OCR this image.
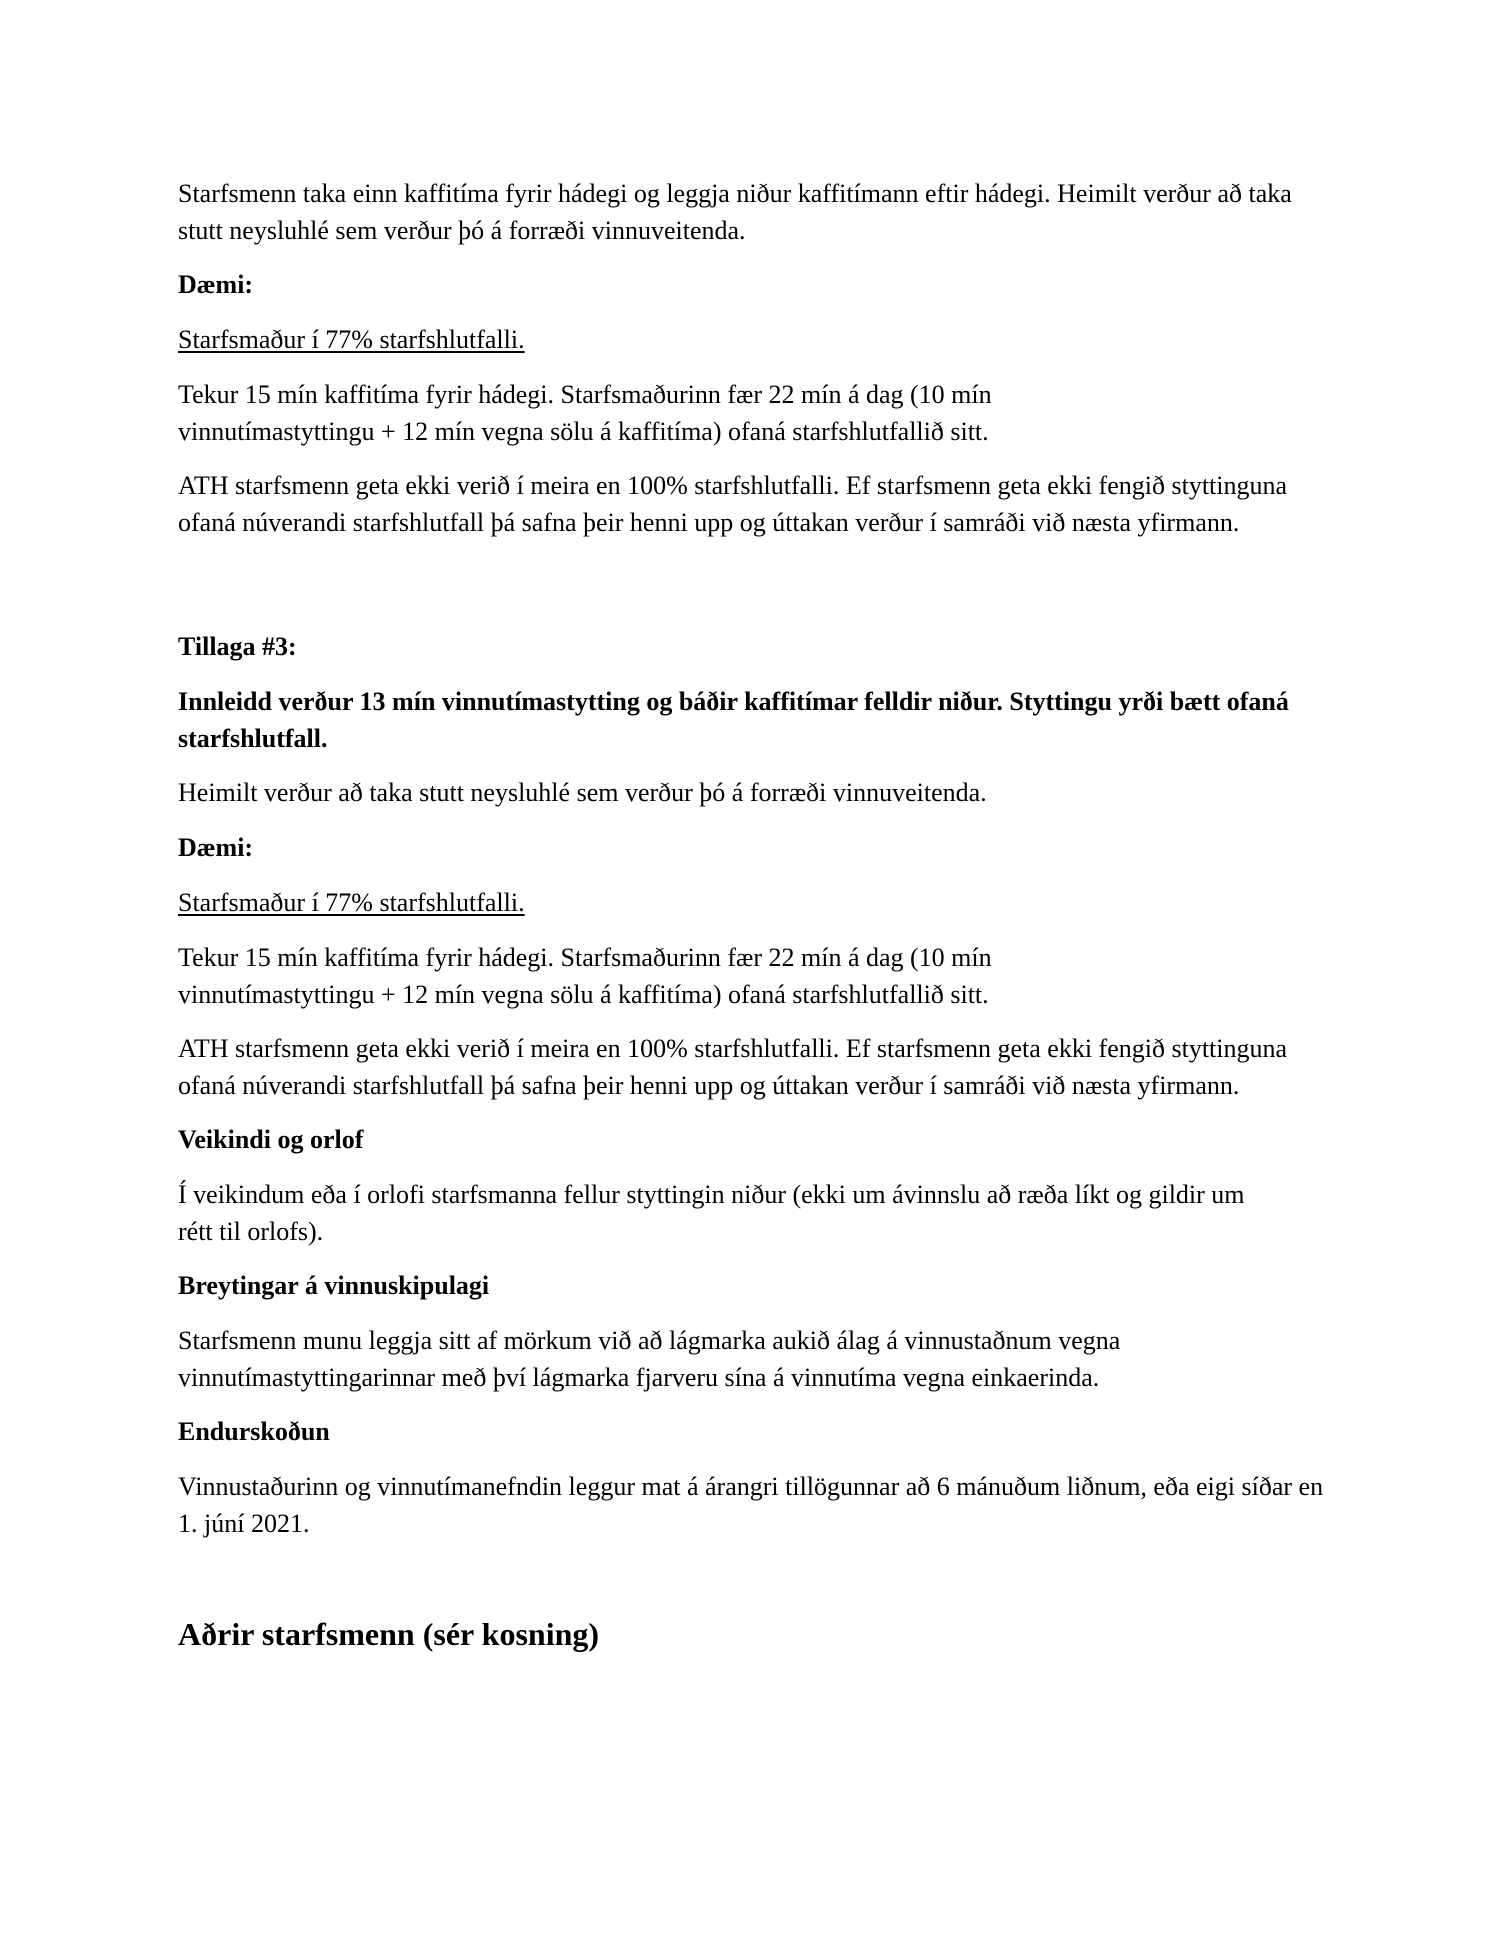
Starfsmenn taka einn kaffitíma fyrir hádegi og leggja niður kaffitímann eftir hádegi. Heimilt verður að taka stutt neysluhlé sem verður þó á forræði vinnuveitenda.

Dæmi:

Starfsmaður í 77% starfshlutfalli.

Tekur 15 mín kaffitíma fyrir hádegi. Starfsmaðurinn fær 22 mín á dag (10 mín vinnutímastyttingu + 12 mín vegna sölu á kaffitíma) ofaná starfshlutfallið sitt.

ATH starfsmenn geta ekki verið í meira en 100% starfshlutfalli. Ef starfsmenn geta ekki fengið styttinguna ofaná núverandi starfshlutfall þá safna þeir henni upp og úttakan verður í samráði við næsta yfirmann.

Tillaga #3:

Innleidd verður 13 mín vinnutímastytting og báðir kaffitímar felldir niður. Styttingu yrði bætt ofaná starfshlutfall.

Heimilt verður að taka stutt neysluhlé sem verður þó á forræði vinnuveitenda.

Dæmi:

Starfsmaður í 77% starfshlutfalli.

Tekur 15 mín kaffitíma fyrir hádegi. Starfsmaðurinn fær 22 mín á dag (10 mín vinnutímastyttingu + 12 mín vegna sölu á kaffitíma) ofaná starfshlutfallið sitt.

ATH starfsmenn geta ekki verið í meira en 100% starfshlutfalli. Ef starfsmenn geta ekki fengið styttinguna ofaná núverandi starfshlutfall þá safna þeir henni upp og úttakan verður í samráði við næsta yfirmann.

Veikindi og orlof

Í veikindum eða í orlofi starfsmanna fellur styttingin niður (ekki um ávinnslu að ræða líkt og gildir um rétt til orlofs).

Breytingar á vinnuskipulagi

Starfsmenn munu leggja sitt af mörkum við að lágmarka aukið álag á vinnustaðnum vegna vinnutímastyttingarinnar með því lágmarka fjarveru sína á vinnutíma vegna einkaerinda.

Endurskoðun

Vinnustaðurinn og vinnutímanefndin leggur mat á árangri tillögunnar að 6 mánuðum liðnum, eða eigi síðar en 1. júní 2021.

Aðrir starfsmenn (sér kosning)
